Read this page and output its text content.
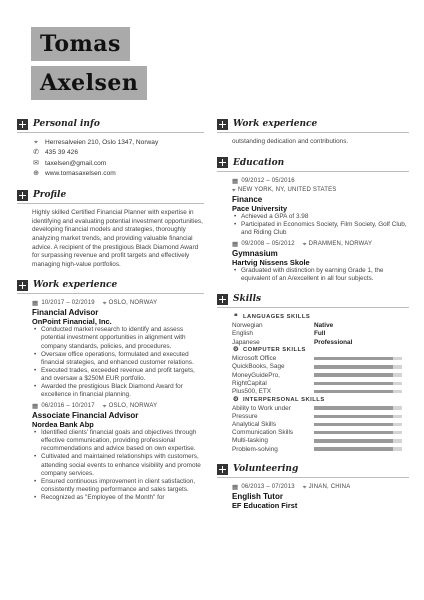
Tomas
Axelsen
Personal info
⌖	Herresalveien 210, Oslo 1347, Norway
✆ 435 39 426
✉ taxelsen@gmail.com
⊕ www.tomasaxelsen.com
Profile

Highly skilled Certified Financial Planner with expertise in identifying and evaluating potential investment opportunities, developing financial models and strategies, thoroughly analyzing market trends, and providing valuable financial advice. A recipient of the prestigious Black Diamond Award for surpassing revenue and profit targets and effectively managing high-value portfolios.

Work experience
▦ 10/2017 – 02/2019 ⌖ OSLO, NORWAY
Financial Advisor
OnPoint Financial, Inc.
• Conducted market research to identify and assess potential investment opportunities in alignment with company standards, policies, and procedures.
• Oversaw office operations, formulated and executed financial strategies, and enhanced customer relations.
• Executed trades, exceeded revenue and profit targets, and oversaw a $250M EUR portfolio.
• Awarded the prestigious Black Diamond Award for excellence in financial planning.
▦ 06/2016 – 10/2017 ⌖ OSLO, NORWAY
Associate Financial Advisor
Nordea Bank Abp
• Identified clients' financial goals and objectives through effective communication, providing professional recommendations and advice based on own expertise.
• Cultivated and maintained relationships with customers, attending social events to enhance visibility and promote company services.
• Ensured continuous improvement in client satisfaction, consistently meeting performance and sales targets.
• Recognized as "Employee of the Month" for
Work experience

outstanding dedication and contributions.

Education
▦ 09/2012 – 05/2016
⌖ NEW YORK, NY, UNITED STATES
Finance
Pace University
• Achieved a GPA of 3.98
• Participated in Economics Society, Film Society, Golf Club, and Riding Club
▦ 09/2008 – 05/2012 ⌖ DRAMMEN, NORWAY
Gymnasium
Hartvig Nissens Skole
• Graduated with distinction by earning Grade 1, the equivalent of an A/excellent in all four subjects.
Skills
❝ LANGUAGES SKILLS
Norwegian	Native
English	Full
Japanese	Professional
⚙ COMPUTER SKILLS
Microsoft Office
QuickBooks, Sage
MoneyGuidePro,
RightCapital
Plus500, ETX
⚙ INTERPERSONAL SKILLS
Ability to Work under
Pressure
Analytical Skills
Communication Skills
Multi-tasking
Problem-solving
Volunteering
▦ 06/2013 – 07/2013 ⌖ JINAN, CHINA
English Tutor
EF Education First
